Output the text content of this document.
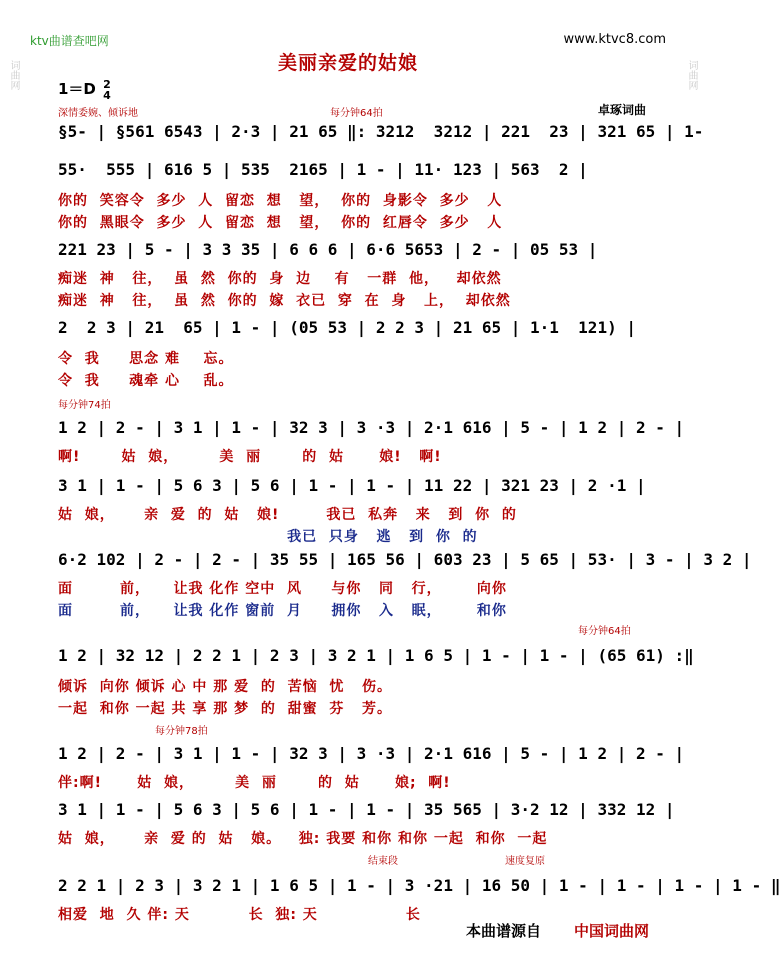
ktv曲谱查吧网	www.ktvc8.com
美丽亲爱的姑娘
1＝D 2
4
深情委婉、倾诉地	每分钟64拍	卓琢词曲
词曲网	词曲网
§5- | §561 6543 | 2·3 | 21 65 ‖: 3212  3212 | 221  23 | 321 65 | 1-
55·  555 | 616 5 | 535  2165 | 1 - | 11· 123 | 563  2 |
你的  笑容令  多少  人  留恋  想   望，  你的  身影令  多少   人
你的  黑眼令  多少  人  留恋  想   望，  你的  红唇令  多少   人
221 23 | 5 - | 3 3 35 | 6 6 6 | 6·6 5653 | 2 - | 05 53 |
痴迷  神   往，  虽  然  你的  身  边    有   一群  他，   却依然
痴迷  神   往，  虽  然  你的  嫁  衣已  穿  在  身   上，  却依然
2  2 3 | 21  65 | 1 - | (05 53 | 2 2 3 | 21 65 | 1·1  121) |
令  我     思念 难    忘。
令  我     魂牵 心    乱。
每分钟74拍
1 2 | 2 - | 3 1 | 1 - | 32 3 | 3 ·3 | 2·1 616 | 5 - | 1 2 | 2 - |
啊!       姑  娘，       美  丽       的  姑      娘!   啊!
3 1 | 1 - | 5 6 3 | 5 6 | 1 - | 1 - | 11 22 | 321 23 | 2 ·1 |
姑  娘，     亲  爱  的  姑   娘!        我已  私奔   来   到  你  的
我已  只身   逃   到  你  的
6·2 102 | 2 - | 2 - | 35 55 | 165 56 | 603 23 | 5 65 | 53· | 3 - | 3 2 |
面        前，    让我 化作 空中  风     与你   同   行，      向你
面        前，    让我 化作 窗前  月     拥你   入   眠，      和你
每分钟64拍
1 2 | 32 12 | 2 2 1 | 2 3 | 3 2 1 | 1 6 5 | 1 - | 1 - | (65 61) :‖
倾诉  向你 倾诉 心 中 那 爱  的  苦恼  忧   伤。
一起  和你 一起 共 享 那 梦  的  甜蜜  芬   芳。
每分钟78拍
1 2 | 2 - | 3 1 | 1 - | 32 3 | 3 ·3 | 2·1 616 | 5 - | 1 2 | 2 - |
伴:啊!      姑  娘，       美  丽       的  姑      娘;  啊!
3 1 | 1 - | 5 6 3 | 5 6 | 1 - | 1 - | 35 565 | 3·2 12 | 332 12 |
姑  娘，     亲  爱 的  姑   娘。   独: 我要 和你 和你 一起  和你  一起
结束段	速度复原
2 2 1 | 2 3 | 3 2 1 | 1 6 5 | 1 - | 3 ·21 | 16 50 | 1 - | 1 - | 1 - | 1 - ‖
相爱  地  久 伴: 天          长  独: 天               长
本曲谱源自 中国词曲网
